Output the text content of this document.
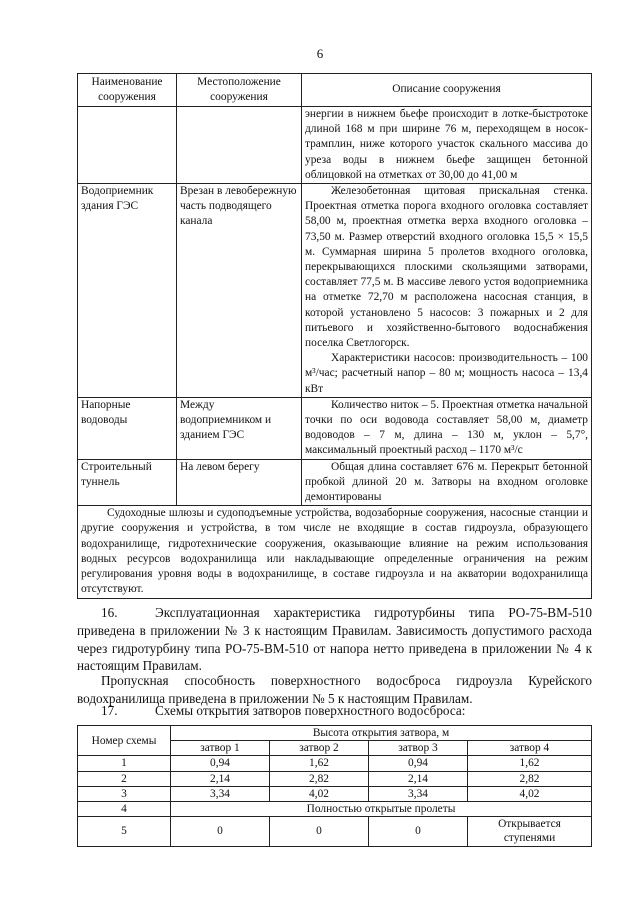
6
Наименование сооружения	Местоположение сооружения	Описание сооружения

		энергии в нижнем бьефе происходит в лотке-быстротоке длиной 168 м при ширине 76 м, переходящем в носок-трамплин, ниже которого участок скального массива до уреза воды в нижнем бьефе защищен бетонной облицовкой на отметках от 30,00 до 41,00 м

Водоприемник здания ГЭС	Врезан в левобережную часть подводящего канала	Железобетонная щитовая прискальная стенка. Проектная отметка порога входного оголовка составляет 58,00 м, проектная отметка верха входного оголовка – 73,50 м. Размер отверстий входного оголовка 15,5 × 15,5 м. Суммарная ширина 5 пролетов входного оголовка, перекрывающихся плоскими скользящими затворами, составляет 77,5 м. В массиве левого устоя водоприемника на отметке 72,70 м расположена насосная станция, в которой установлено 5 насосов: 3 пожарных и 2 для питьевого и хозяйственно-бытового водоснабжения поселка Светлогорск.

Характеристики насосов: производительность – 100 м³/час; расчетный напор – 80 м; мощность насоса – 13,4 кВт

Напорные водоводы	Между водоприемником и зданием ГЭС	Количество ниток – 5. Проектная отметка начальной точки по оси водовода составляет 58,00 м, диаметр водоводов – 7 м, длина – 130 м, уклон – 5,7°, максимальный проектный расход – 1170 м³/с

Строительный туннель	На левом берегу	Общая длина составляет 676 м. Перекрыт бетонной пробкой длиной 20 м. Затворы на входном оголовке демонтированы

Судоходные шлюзы и судоподъемные устройства, водозаборные сооружения, насосные станции и другие сооружения и устройства, в том числе не входящие в состав гидроузла, образующего водохранилище, гидротехнические сооружения, оказывающие влияние на режим использования водных ресурсов водохранилища или накладывающие определенные ограничения на режим регулирования уровня воды в водохранилище, в составе гидроузла и на акватории водохранилища отсутствуют.		

16.	Эксплуатационная характеристика гидротурбины типа РО-75-ВМ-510 приведена в приложении № 3 к настоящим Правилам. Зависимость допустимого расхода через гидротурбину типа РО-75-ВМ-510 от напора нетто приведена в приложении № 4 к настоящим Правилам.

Пропускная способность поверхностного водосброса гидроузла Курейского водохранилища приведена в приложении № 5 к настоящим Правилам.

17.	Схемы открытия затворов поверхностного водосброса:

Номер схемы	Высота открытия затвора, м			
	затвор 1	затвор 2	затвор 3	затвор 4
1	0,94	1,62	0,94	1,62
2	2,14	2,82	2,14	2,82
3	3,34	4,02	3,34	4,02
4	Полностью открытые пролеты			
5	0	0	0	Открывается ступенями
